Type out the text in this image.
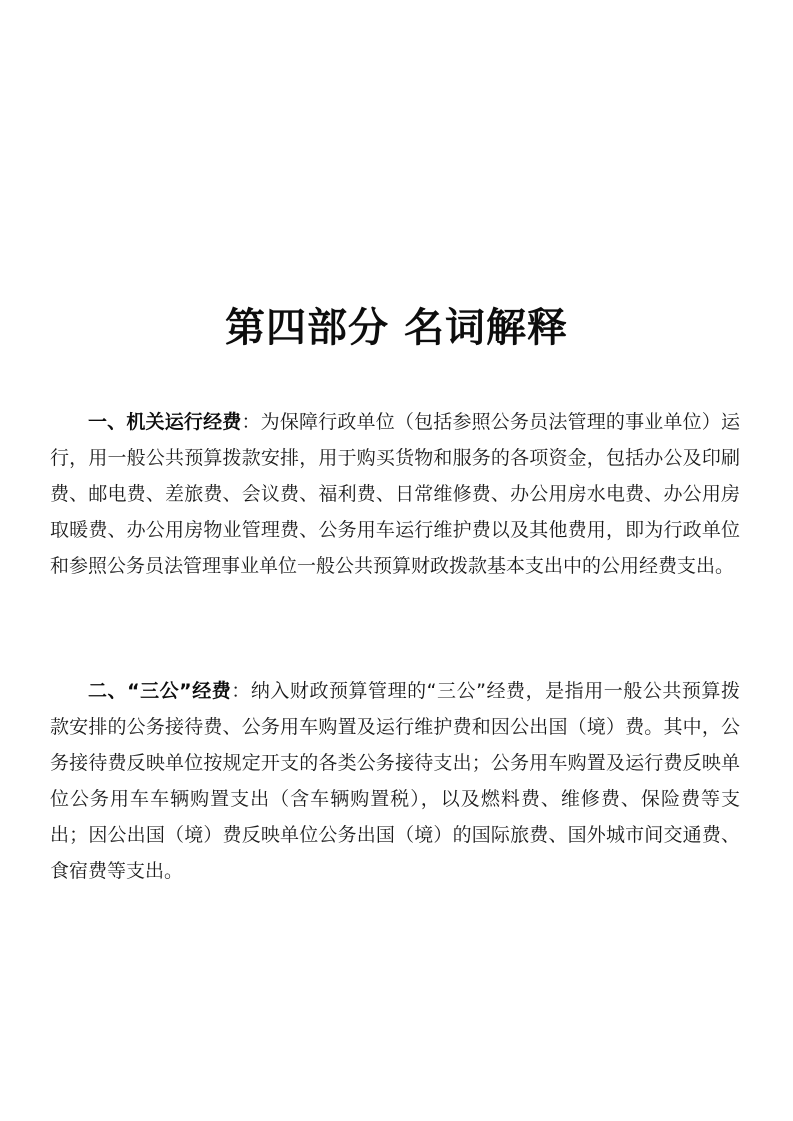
第四部分 名词解释

一、机关运行经费：为保障行政单位（包括参照公务员法管理的事业单位）运行，用一般公共预算拨款安排，用于购买货物和服务的各项资金，包括办公及印刷费、邮电费、差旅费、会议费、福利费、日常维修费、办公用房水电费、办公用房取暖费、办公用房物业管理费、公务用车运行维护费以及其他费用，即为行政单位和参照公务员法管理事业单位一般公共预算财政拨款基本支出中的公用经费支出。

二、“三公”经费：纳入财政预算管理的“三公”经费，是指用一般公共预算拨款安排的公务接待费、公务用车购置及运行维护费和因公出国（境）费。其中，公务接待费反映单位按规定开支的各类公务接待支出；公务用车购置及运行费反映单位公务用车车辆购置支出（含车辆购置税），以及燃料费、维修费、保险费等支出；因公出国（境）费反映单位公务出国（境）的国际旅费、国外城市间交通费、食宿费等支出。
